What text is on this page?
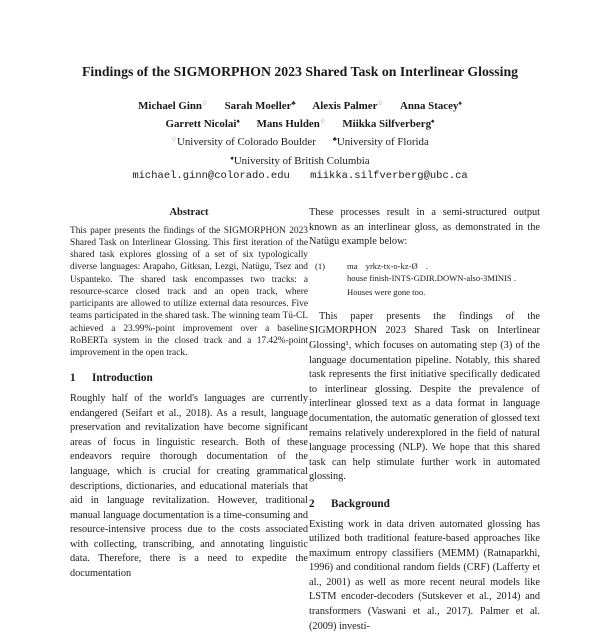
Findings of the SIGMORPHON 2023 Shared Task on Interlinear Glossing
Michael Ginn♢ Sarah Moeller♣ Alexis Palmer♢ Anna Stacey♠
Garrett Nicolai♠ Mans Hulden♢ Miikka Silfverberg♠
♢University of Colorado Boulder	♣University of Florida
♠University of British Columbia
michael.ginn@colorado.edu miikka.silfverberg@ubc.ca
Abstract

This paper presents the findings of the SIGMORPHON 2023 Shared Task on Interlinear Glossing. This first iteration of the shared task explores glossing of a set of six typologically diverse languages: Arapaho, Gitksan, Lezgi, Natügu, Tsez and Uspanteko. The shared task encompasses two tracks: a resource-scarce closed track and an open track, where participants are allowed to utilize external data resources. Five teams participated in the shared task. The winning team Tü-CL achieved a 23.99%-point improvement over a baseline RoBERTa system in the closed track and a 17.42%-point improvement in the open track.

1 Introduction

Roughly half of the world's languages are currently endangered (Seifart et al., 2018). As a result, language preservation and revitalization have become significant areas of focus in linguistic research. Both of these endeavors require thorough documentation of the language, which is crucial for creating grammatical descriptions, dictionaries, and educational materials that aid in language revitalization. However, traditional manual language documentation is a time-consuming and resource-intensive process due to the costs associated with collecting, transcribing, and annotating linguistic data. Therefore, there is a need to expedite the documentation

These processes result in a semi-structured output known as an interlinear gloss, as demonstrated in the Natügu example below:

(1)	ma yrkz-tx-o-kz-Ø .
house finish-INTS-GDIR.DOWN-also-3MINIS .
Houses were gone too.

This paper presents the findings of the SIGMORPHON 2023 Shared Task on Interlinear Glossing¹, which focuses on automating step (3) of the language documentation pipeline. Notably, this shared task represents the first initiative specifically dedicated to interlinear glossing. Despite the prevalence of interlinear glossed text as a data format in language documentation, the automatic generation of glossed text remains relatively underexplored in the field of natural language processing (NLP). We hope that this shared task can help stimulate further work in automated glossing.

2 Background

Existing work in data driven automated glossing has utilized both traditional feature-based approaches like maximum entropy classifiers (MEMM) (Ratnaparkhi, 1996) and conditional random fields (CRF) (Lafferty et al., 2001) as well as more recent neural models like LSTM encoder-decoders (Sutskever et al., 2014) and transformers (Vaswani et al., 2017). Palmer et al. (2009) investi-
